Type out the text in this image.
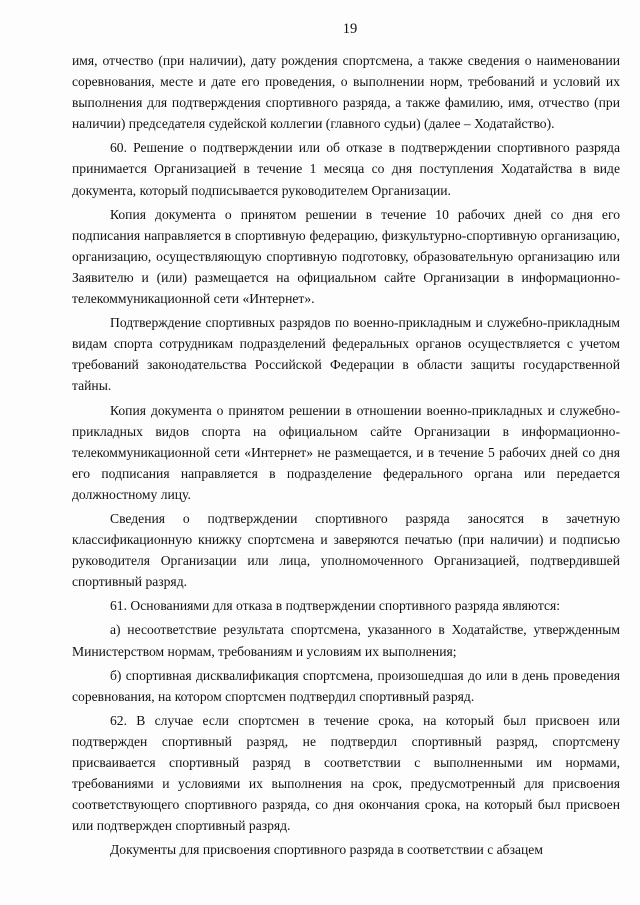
19

имя, отчество (при наличии), дату рождения спортсмена, а также сведения о наименовании соревнования, месте и дате его проведения, о выполнении норм, требований и условий их выполнения для подтверждения спортивного разряда, а также фамилию, имя, отчество (при наличии) председателя судейской коллегии (главного судьи) (далее – Ходатайство).

60. Решение о подтверждении или об отказе в подтверждении спортивного разряда принимается Организацией в течение 1 месяца со дня поступления Ходатайства в виде документа, который подписывается руководителем Организации.

Копия документа о принятом решении в течение 10 рабочих дней со дня его подписания направляется в спортивную федерацию, физкультурно-спортивную организацию, организацию, осуществляющую спортивную подготовку, образовательную организацию или Заявителю и (или) размещается на официальном сайте Организации в информационно-телекоммуникационной сети «Интернет».

Подтверждение спортивных разрядов по военно-прикладным и служебно-прикладным видам спорта сотрудникам подразделений федеральных органов осуществляется с учетом требований законодательства Российской Федерации в области защиты государственной тайны.

Копия документа о принятом решении в отношении военно-прикладных и служебно-прикладных видов спорта на официальном сайте Организации в информационно-телекоммуникационной сети «Интернет» не размещается, и в течение 5 рабочих дней со дня его подписания направляется в подразделение федерального органа или передается должностному лицу.

Сведения о подтверждении спортивного разряда заносятся в зачетную классификационную книжку спортсмена и заверяются печатью (при наличии) и подписью руководителя Организации или лица, уполномоченного Организацией, подтвердившей спортивный разряд.

61. Основаниями для отказа в подтверждении спортивного разряда являются:

а) несоответствие результата спортсмена, указанного в Ходатайстве, утвержденным Министерством нормам, требованиям и условиям их выполнения;

б) спортивная дисквалификация спортсмена, произошедшая до или в день проведения соревнования, на котором спортсмен подтвердил спортивный разряд.

62. В случае если спортсмен в течение срока, на который был присвоен или подтвержден спортивный разряд, не подтвердил спортивный разряд, спортсмену присваивается спортивный разряд в соответствии с выполненными им нормами, требованиями и условиями их выполнения на срок, предусмотренный для присвоения соответствующего спортивного разряда, со дня окончания срока, на который был присвоен или подтвержден спортивный разряд.

Документы для присвоения спортивного разряда в соответствии с абзацем
